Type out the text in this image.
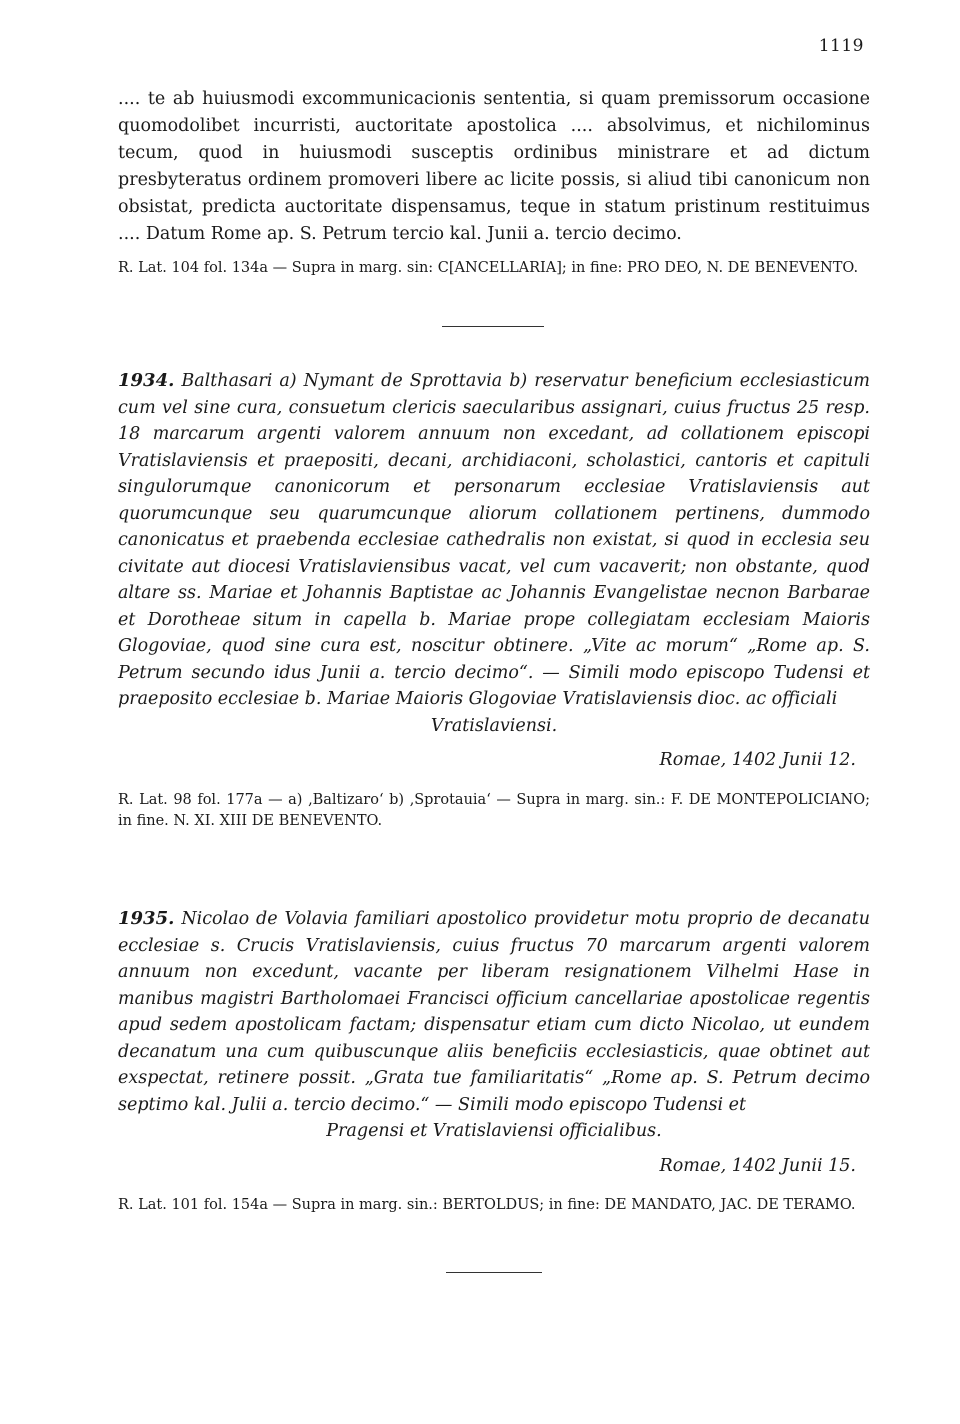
1119

.... te ab huiusmodi excommunicacionis sententia, si quam premissorum occasione quomodolibet incurristi, auctoritate apostolica .... absolvimus, et nichilominus tecum, quod in huiusmodi susceptis ordinibus ministrare et ad dictum presbyteratus ordinem promoveri libere ac licite possis, si aliud tibi canonicum non obsistat, predicta auctoritate dispensamus, teque in statum pristinum restituimus .... Datum Rome ap. S. Petrum tercio kal. Junii a. tercio decimo.

R. Lat. 104 fol. 134a — Supra in marg. sin: C[ANCELLARIA]; in fine: PRO DEO, N. DE BENEVENTO.

1934. Balthasari a) Nymant de Sprottavia b) reservatur beneficium ecclesiasticum cum vel sine cura, consuetum clericis saecularibus assignari, cuius fructus 25 resp. 18 marcarum argenti valorem annuum non excedant, ad collationem episcopi Vratislaviensis et praepositi, decani, archidiaconi, scholastici, cantoris et capituli singulorumque canonicorum et personarum ecclesiae Vratislaviensis aut quorumcunque seu quarumcunque aliorum collationem pertinens, dummodo canonicatus et praebenda ecclesiae cathedralis non existat, si quod in ecclesia seu civitate aut diocesi Vratislaviensibus vacat, vel cum vacaverit; non obstante, quod altare ss. Mariae et Johannis Baptistae ac Johannis Evangelistae necnon Barbarae et Dorotheae situm in capella b. Mariae prope collegiatam ecclesiam Maioris Glogoviae, quod sine cura est, noscitur obtinere. „Vite ac morum“ „Rome ap. S. Petrum secundo idus Junii a. tercio decimo“. — Simili modo episcopo Tudensi et praeposito ecclesiae b. Mariae Maioris Glogoviae Vratislaviensis dioc. ac officiali

Vratislaviensi.

Romae, 1402 Junii 12.

R. Lat. 98 fol. 177a — a) ‚Baltizaro‘ b) ‚Sprotauia‘ — Supra in marg. sin.: F. DE MONTEPOLICIANO; in fine. N. XI. XIII DE BENEVENTO.

1935. Nicolao de Volavia familiari apostolico providetur motu proprio de decanatu ecclesiae s. Crucis Vratislaviensis, cuius fructus 70 marcarum argenti valorem annuum non excedunt, vacante per liberam resignationem Vilhelmi Hase in manibus magistri Bartholomaei Francisci officium cancellariae apostolicae regentis apud sedem apostolicam factam; dispensatur etiam cum dicto Nicolao, ut eundem decanatum una cum quibuscunque aliis beneficiis ecclesiasticis, quae obtinet aut exspectat, retinere possit. „Grata tue familiaritatis“ „Rome ap. S. Petrum decimo septimo kal. Julii a. tercio decimo.“ — Simili modo episcopo Tudensi et

Pragensi et Vratislaviensi officialibus.

Romae, 1402 Junii 15.

R. Lat. 101 fol. 154a — Supra in marg. sin.: BERTOLDUS; in fine: DE MANDATO, JAC. DE TERAMO.
